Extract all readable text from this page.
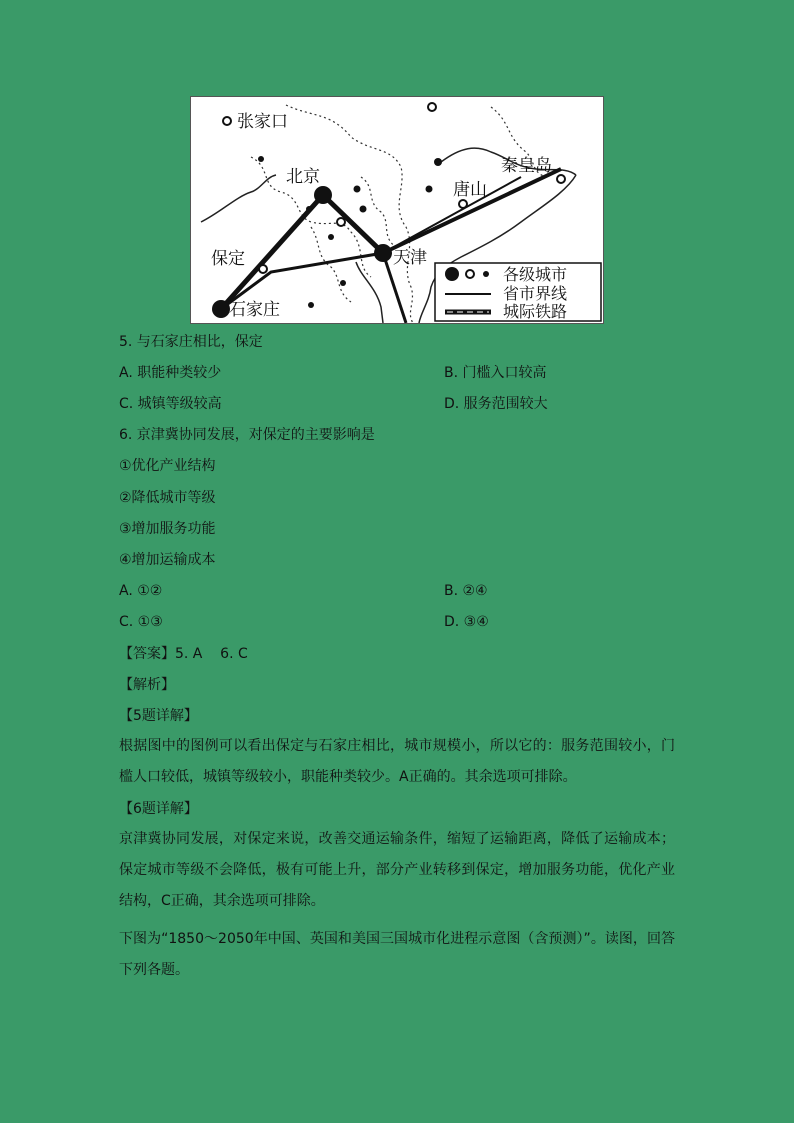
张家口
北京
秦皇岛
唐山
保定	天津
石家庄
各级城市
省市界线
城际铁路
5. 与石家庄相比，保定
A. 职能种类较少	B. 门槛入口较高
C. 城镇等级较高	D. 服务范围较大
6. 京津冀协同发展，对保定的主要影响是
①优化产业结构
②降低城市等级
③增加服务功能
④增加运输成本
A. ①②	B. ②④
C. ①③	D. ③④
【答案】5. A    6. C
【解析】
【5题详解】
根据图中的图例可以看出保定与石家庄相比，城市规模小，所以它的：服务范围较小，门槛人口较低，城镇等级较小，职能种类较少。A正确的。其余选项可排除。
【6题详解】
京津冀协同发展，对保定来说，改善交通运输条件，缩短了运输距离，降低了运输成本；保定城市等级不会降低，极有可能上升，部分产业转移到保定，增加服务功能，优化产业结构，C正确，其余选项可排除。
下图为“1850～2050年中国、英国和美国三国城市化进程示意图（含预测）”。读图，回答下列各题。
